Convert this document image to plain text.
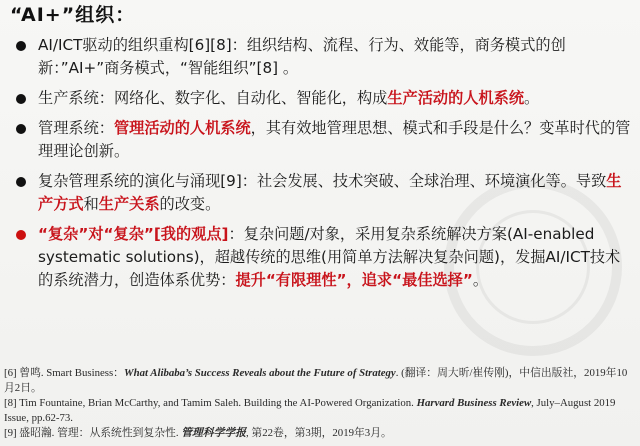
“AI+”组织：
AI/ICT驱动的组织重构[6][8]：组织结构、流程、行为、效能等，商务模式的创新：”AI+”商务模式，“智能组织”[8] 。
生产系统：网络化、数字化、自动化、智能化，构成生产活动的人机系统。
管理系统：管理活动的人机系统，其有效地管理思想、模式和手段是什么？变革时代的管理理论创新。
复杂管理系统的演化与涌现[9]：社会发展、技术突破、全球治理、环境演化等。导致生产方式和生产关系的改变。
“复杂”对“复杂”[我的观点]：复杂问题/对象，采用复杂系统解决方案(AI-enabled systematic solutions)，超越传统的思维(用简单方法解决复杂问题)，发掘AI/ICT技术的系统潜力，创造体系优势：提升“有限理性”，追求“最佳选择”。

[6] 曾鸣. Smart Business：What Alibaba’s Success Reveals about the Future of Strategy. (翻译：周大昕/崔传刚)，中信出版社，2019年10月2日。

[8] Tim Fountaine, Brian McCarthy, and Tamim Saleh. Building the AI-Powered Organization. Harvard Business Review, July–August 2019 Issue, pp.62-73.

[9] 盛昭瀚. 管理：从系统性到复杂性. 管理科学学报, 第22卷，第3期，2019年3月。
